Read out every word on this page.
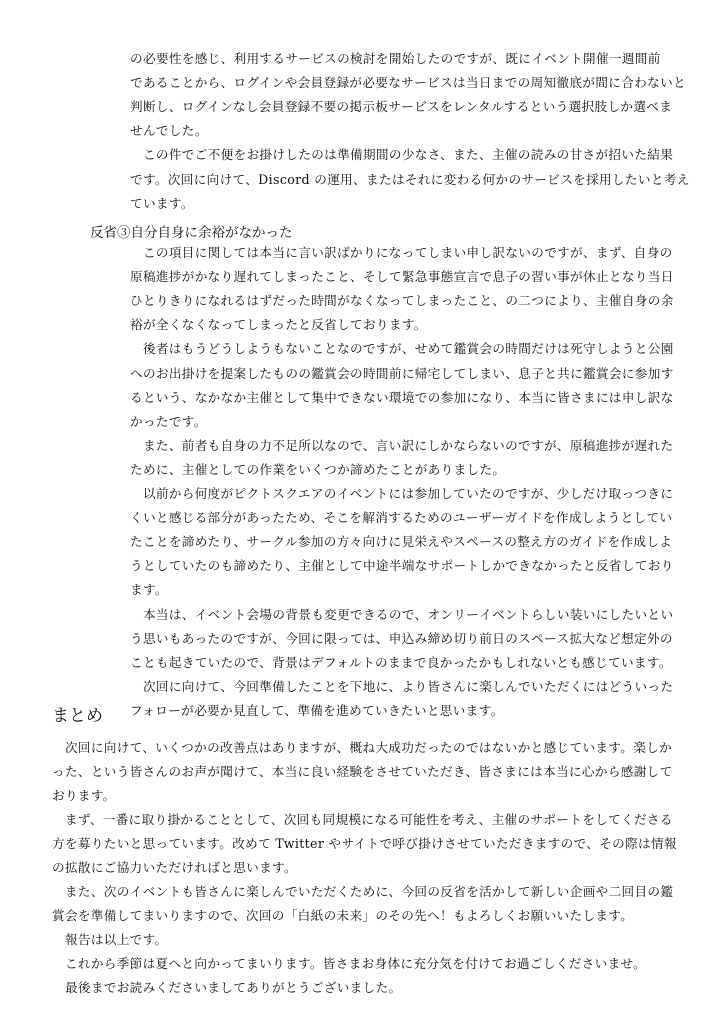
の必要性を感じ、利用するサービスの検討を開始したのですが、既にイベント開催一週間前
であることから、ログインや会員登録が必要なサービスは当日までの周知徹底が間に合わないと
判断し、ログインなし会員登録不要の掲示板サービスをレンタルするという選択肢しか選べま
せんでした。
　この件でご不便をお掛けしたのは準備期間の少なさ、また、主催の読みの甘さが招いた結果
です。次回に向けて、Discord の運用、またはそれに変わる何かのサービスを採用したいと考え
ています。
反省③自分自身に余裕がなかった
　この項目に関しては本当に言い訳ばかりになってしまい申し訳ないのですが、まず、自身の
原稿進捗がかなり遅れてしまったこと、そして緊急事態宣言で息子の習い事が休止となり当日
ひとりきりになれるはずだった時間がなくなってしまったこと、の二つにより、主催自身の余
裕が全くなくなってしまったと反省しております。
　後者はもうどうしようもないことなのですが、せめて鑑賞会の時間だけは死守しようと公園
へのお出掛けを提案したものの鑑賞会の時間前に帰宅してしまい、息子と共に鑑賞会に参加す
るという、なかなか主催として集中できない環境での参加になり、本当に皆さまには申し訳な
かったです。
　また、前者も自身の力不足所以なので、言い訳にしかならないのですが、原稿進捗が遅れた
ために、主催としての作業をいくつか諦めたことがありました。
　以前から何度がピクトスクエアのイベントには参加していたのですが、少しだけ取っつきに
くいと感じる部分があったため、そこを解消するためのユーザーガイドを作成しようとしてい
たことを諦めたり、サークル参加の方々向けに見栄えやスペースの整え方のガイドを作成しよ
うとしていたのも諦めたり、主催として中途半端なサポートしかできなかったと反省しており
ます。
　本当は、イベント会場の背景も変更できるので、オンリーイベントらしい装いにしたいとい
う思いもあったのですが、今回に限っては、申込み締め切り前日のスペース拡大など想定外の
ことも起きていたので、背景はデフォルトのままで良かったかもしれないとも感じています。
　次回に向けて、今回準備したことを下地に、より皆さんに楽しんでいただくにはどういった
フォローが必要か見直して、準備を進めていきたいと思います。
まとめ
　次回に向けて、いくつかの改善点はありますが、概ね大成功だったのではないかと感じています。楽しか
った、という皆さんのお声が聞けて、本当に良い経験をさせていただき、皆さまには本当に心から感謝して
おります。
　まず、一番に取り掛かることとして、次回も同規模になる可能性を考え、主催のサポートをしてくださる
方を募りたいと思っています。改めて Twitter やサイトで呼び掛けさせていただきますので、その際は情報
の拡散にご協力いただければと思います。
　また、次のイベントも皆さんに楽しんでいただくために、今回の反省を活かして新しい企画や二回目の鑑
賞会を準備してまいりますので、次回の「白紙の未来」のその先へ！もよろしくお願いいたします。
　報告は以上です。
　これから季節は夏へと向かってまいります。皆さまお身体に充分気を付けてお過ごしくださいませ。
　最後までお読みくださいましてありがとうございました。
